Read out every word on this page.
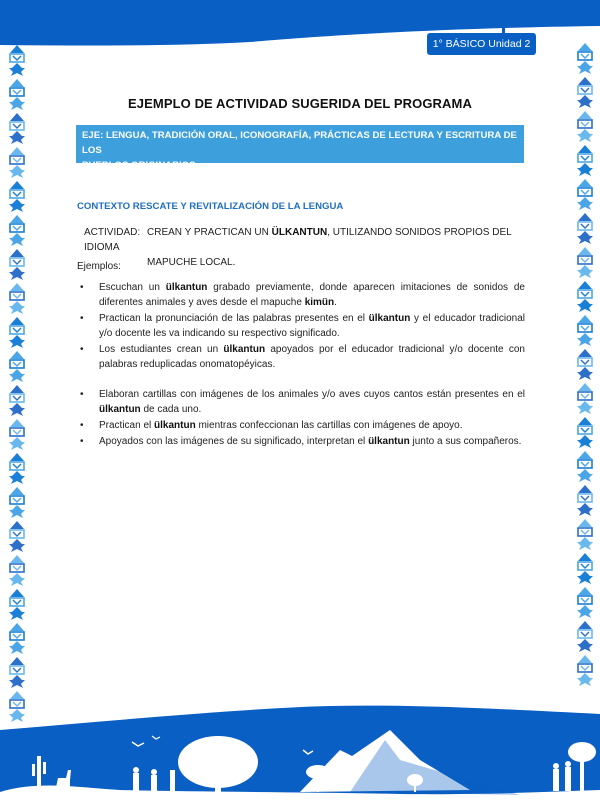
1° BÁSICO Unidad 2
EJEMPLO DE ACTIVIDAD SUGERIDA DEL PROGRAMA
EJE: LENGUA, TRADICIÓN ORAL, ICONOGRAFÍA, PRÁCTICAS DE LECTURA Y ESCRITURA DE LOS
PUEBLOS ORIGINARIOS
CONTEXTO RESCATE Y REVITALIZACIÓN DE LA LENGUA
ACTIVIDAD: CREAN Y PRACTICAN UN ÜLKANTUN, UTILIZANDO SONIDOS PROPIOS DEL IDIOMA
MAPUCHE LOCAL.
Ejemplos:
• Escuchan un ülkantun grabado previamente, donde aparecen imitaciones de sonidos de diferentes animales y aves desde el mapuche kimün.
• Practican la pronunciación de las palabras presentes en el ülkantun y el educador tradicional y/o docente les va indicando su respectivo significado.
• Los estudiantes crean un ülkantun apoyados por el educador tradicional y/o docente con palabras reduplicadas onomatopéyicas.
• Elaboran cartillas con imágenes de los animales y/o aves cuyos cantos están presentes en el ülkantun de cada uno.
• Practican el ülkantun mientras confeccionan las cartillas con imágenes de apoyo.
• Apoyados con las imágenes de su significado, interpretan el ülkantun junto a sus compañeros.
